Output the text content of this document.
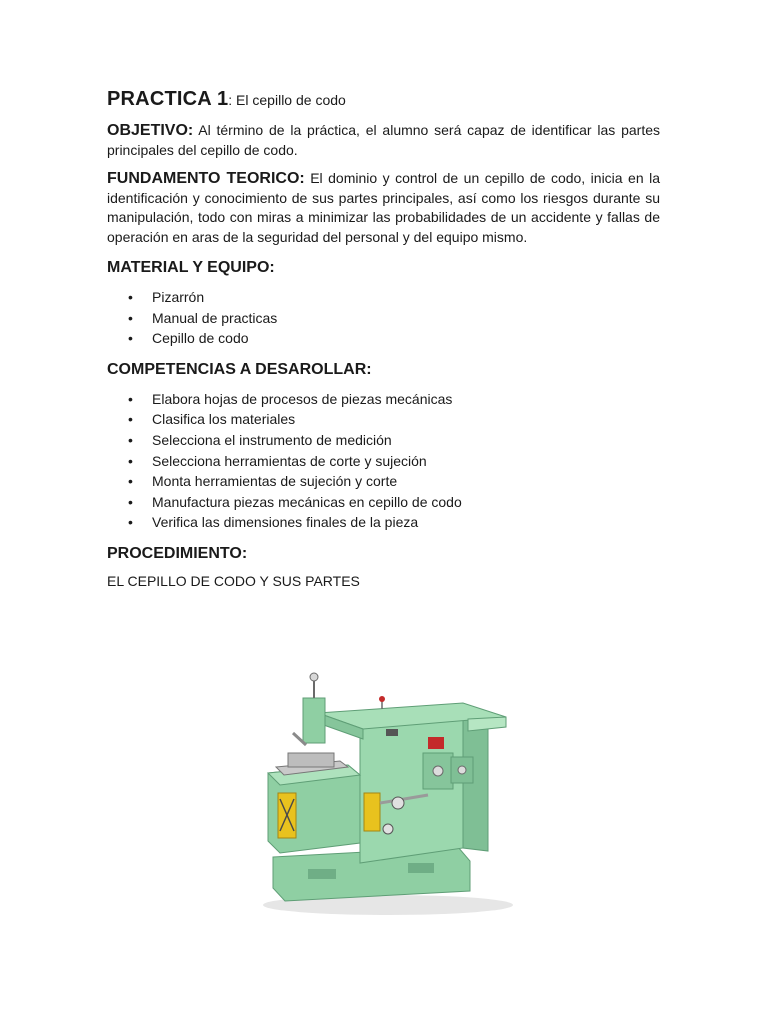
PRACTICA 1: El cepillo de codo

OBJETIVO: Al término de la práctica, el alumno será capaz de identificar las partes principales del cepillo de codo.

FUNDAMENTO TEORICO: El dominio y control de un cepillo de codo, inicia en la identificación y conocimiento de sus partes principales, así como los riesgos durante su manipulación, todo con miras a minimizar las probabilidades de un accidente y fallas de operación en aras de la seguridad del personal y del equipo mismo.

MATERIAL Y EQUIPO:
• Pizarrón
• Manual de practicas
• Cepillo de codo
COMPETENCIAS A DESAROLLAR:
• Elabora hojas de procesos de piezas mecánicas
• Clasifica los materiales
• Selecciona el instrumento de medición
• Selecciona herramientas de corte y sujeción
• Monta herramientas de sujeción y corte
• Manufactura piezas mecánicas en cepillo de codo
• Verifica las dimensiones finales de la pieza
PROCEDIMIENTO:

EL CEPILLO DE CODO Y SUS PARTES
